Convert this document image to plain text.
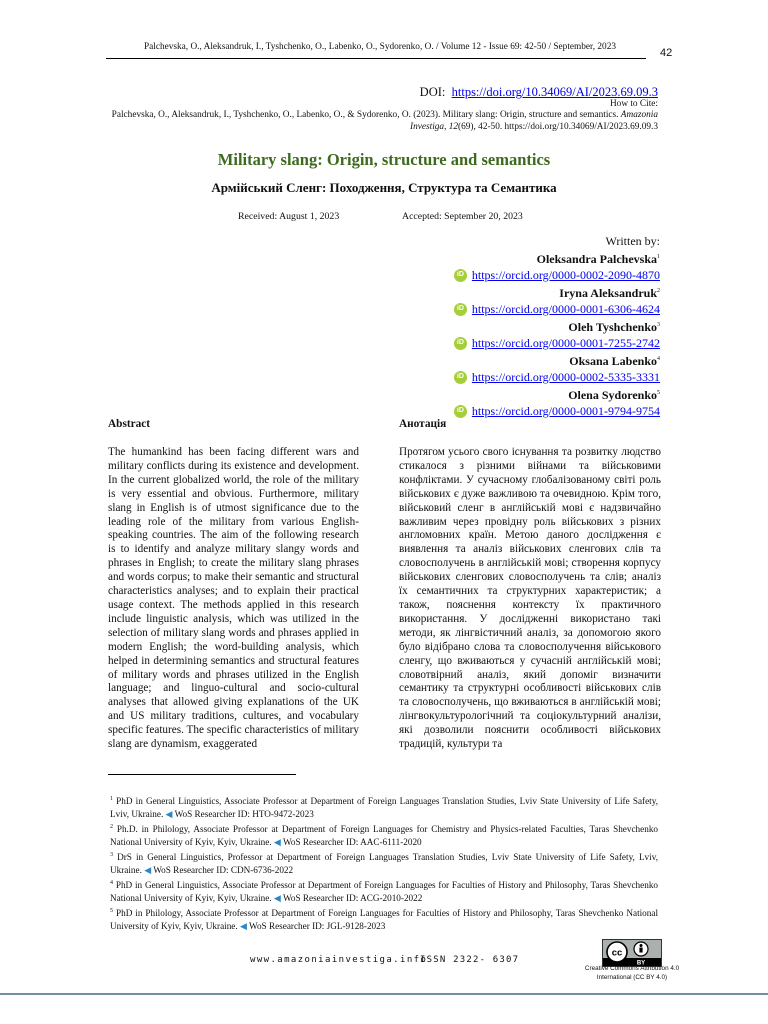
Palchevska, O., Aleksandruk, I., Tyshchenko, O., Labenko, O., Sydorenko, O. / Volume 12 - Issue 69: 42-50 / September, 2023	42
DOI: https://doi.org/10.34069/AI/2023.69.09.3
How to Cite:
Palchevska, O., Aleksandruk, I., Tyshchenko, O., Labenko, O., & Sydorenko, O. (2023). Military slang: Origin, structure and semantics. Amazonia Investiga, 12(69), 42-50. https://doi.org/10.34069/AI/2023.69.09.3
Military slang: Origin, structure and semantics
Армійський Сленг: Походження, Структура та Семантика
Received: August 1, 2023	Accepted: September 20, 2023
Written by:
Oleksandra Palchevska$^1$
iD https://orcid.org/0000-0002-2090-4870
Iryna Aleksandruk$^2$
iD https://orcid.org/0000-0001-6306-4624
Oleh Tyshchenko$^3$
iD https://orcid.org/0000-0001-7255-2742
Oksana Labenko$^4$
iD https://orcid.org/0000-0002-5335-3331
Olena Sydorenko$^5$
iD https://orcid.org/0000-0001-9794-9754
Abstract	Анотація
The humankind has been facing different wars and military conflicts during its existence and development. In the current globalized world, the role of the military is very essential and obvious. Furthermore, military slang in English is of utmost significance due to the leading role of the military from various English-speaking countries. The aim of the following research is to identify and analyze military slangy words and phrases in English; to create the military slang phrases and words corpus; to make their semantic and structural characteristics analyses; and to explain their practical usage context. The methods applied in this research include linguistic analysis, which was utilized in the selection of military slang words and phrases applied in modern English; the word-building analysis, which helped in determining semantics and structural features of military words and phrases utilized in the English language; and linguo-cultural and socio-cultural analyses that allowed giving explanations of the UK and US military traditions, cultures, and vocabulary specific features. The specific characteristics of military slang are dynamism, exaggerated
Протягом усього свого існування та розвитку людство стикалося з різними війнами та військовими конфліктами. У сучасному глобалізованому світі роль військових є дуже важливою та очевидною. Крім того, військовий сленг в англійській мові є надзвичайно важливим через провідну роль військових з різних англомовних країн. Метою даного дослідження є виявлення та аналіз військових сленгових слів та словосполучень в англійській мові; створення корпусу військових сленгових словосполучень та слів; аналіз їх семантичних та структурних характеристик; а також, пояснення контексту їх практичного використання. У дослідженні використано такі методи, як лінгвістичний аналіз, за допомогою якого було відібрано слова та словосполучення військового сленгу, що вживаються у сучасній англійській мові; словотвірний аналіз, який допоміг визначити семантику та структурні особливості військових слів та словосполучень, що вживаються в англійській мові; лінгвокультурологічний та соціокультурний аналізи, які дозволили пояснити особливості військових традицій, культури та

$^1$ PhD in General Linguistics, Associate Professor at Department of Foreign Languages Translation Studies, Lviv State University of Life Safety, Lviv, Ukraine. ◀ WoS Researcher ID: HTO-9472-2023

$^2$ Ph.D. in Philology, Associate Professor at Department of Foreign Languages for Chemistry and Physics-related Faculties, Taras Shevchenko National University of Kyiv, Kyiv, Ukraine. ◀ WoS Researcher ID: AAC-6111-2020

$^3$ DrS in General Linguistics, Professor at Department of Foreign Languages Translation Studies, Lviv State University of Life Safety, Lviv, Ukraine. ◀ WoS Researcher ID: CDN-6736-2022

$^4$ PhD in General Linguistics, Associate Professor at Department of Foreign Languages for Faculties of History and Philosophy, Taras Shevchenko National University of Kyiv, Kyiv, Ukraine. ◀ WoS Researcher ID: ACG-2010-2022

$^5$ PhD in Philology, Associate Professor at Department of Foreign Languages for Faculties of History and Philosophy, Taras Shevchenko National University of Kyiv, Kyiv, Ukraine. ◀ WoS Researcher ID: JGL-9128-2023

www.amazoniainvestiga.info
ISSN 2322- 6307
cc
BY
Creative Commons Attribution 4.0
International (CC BY 4.0)
